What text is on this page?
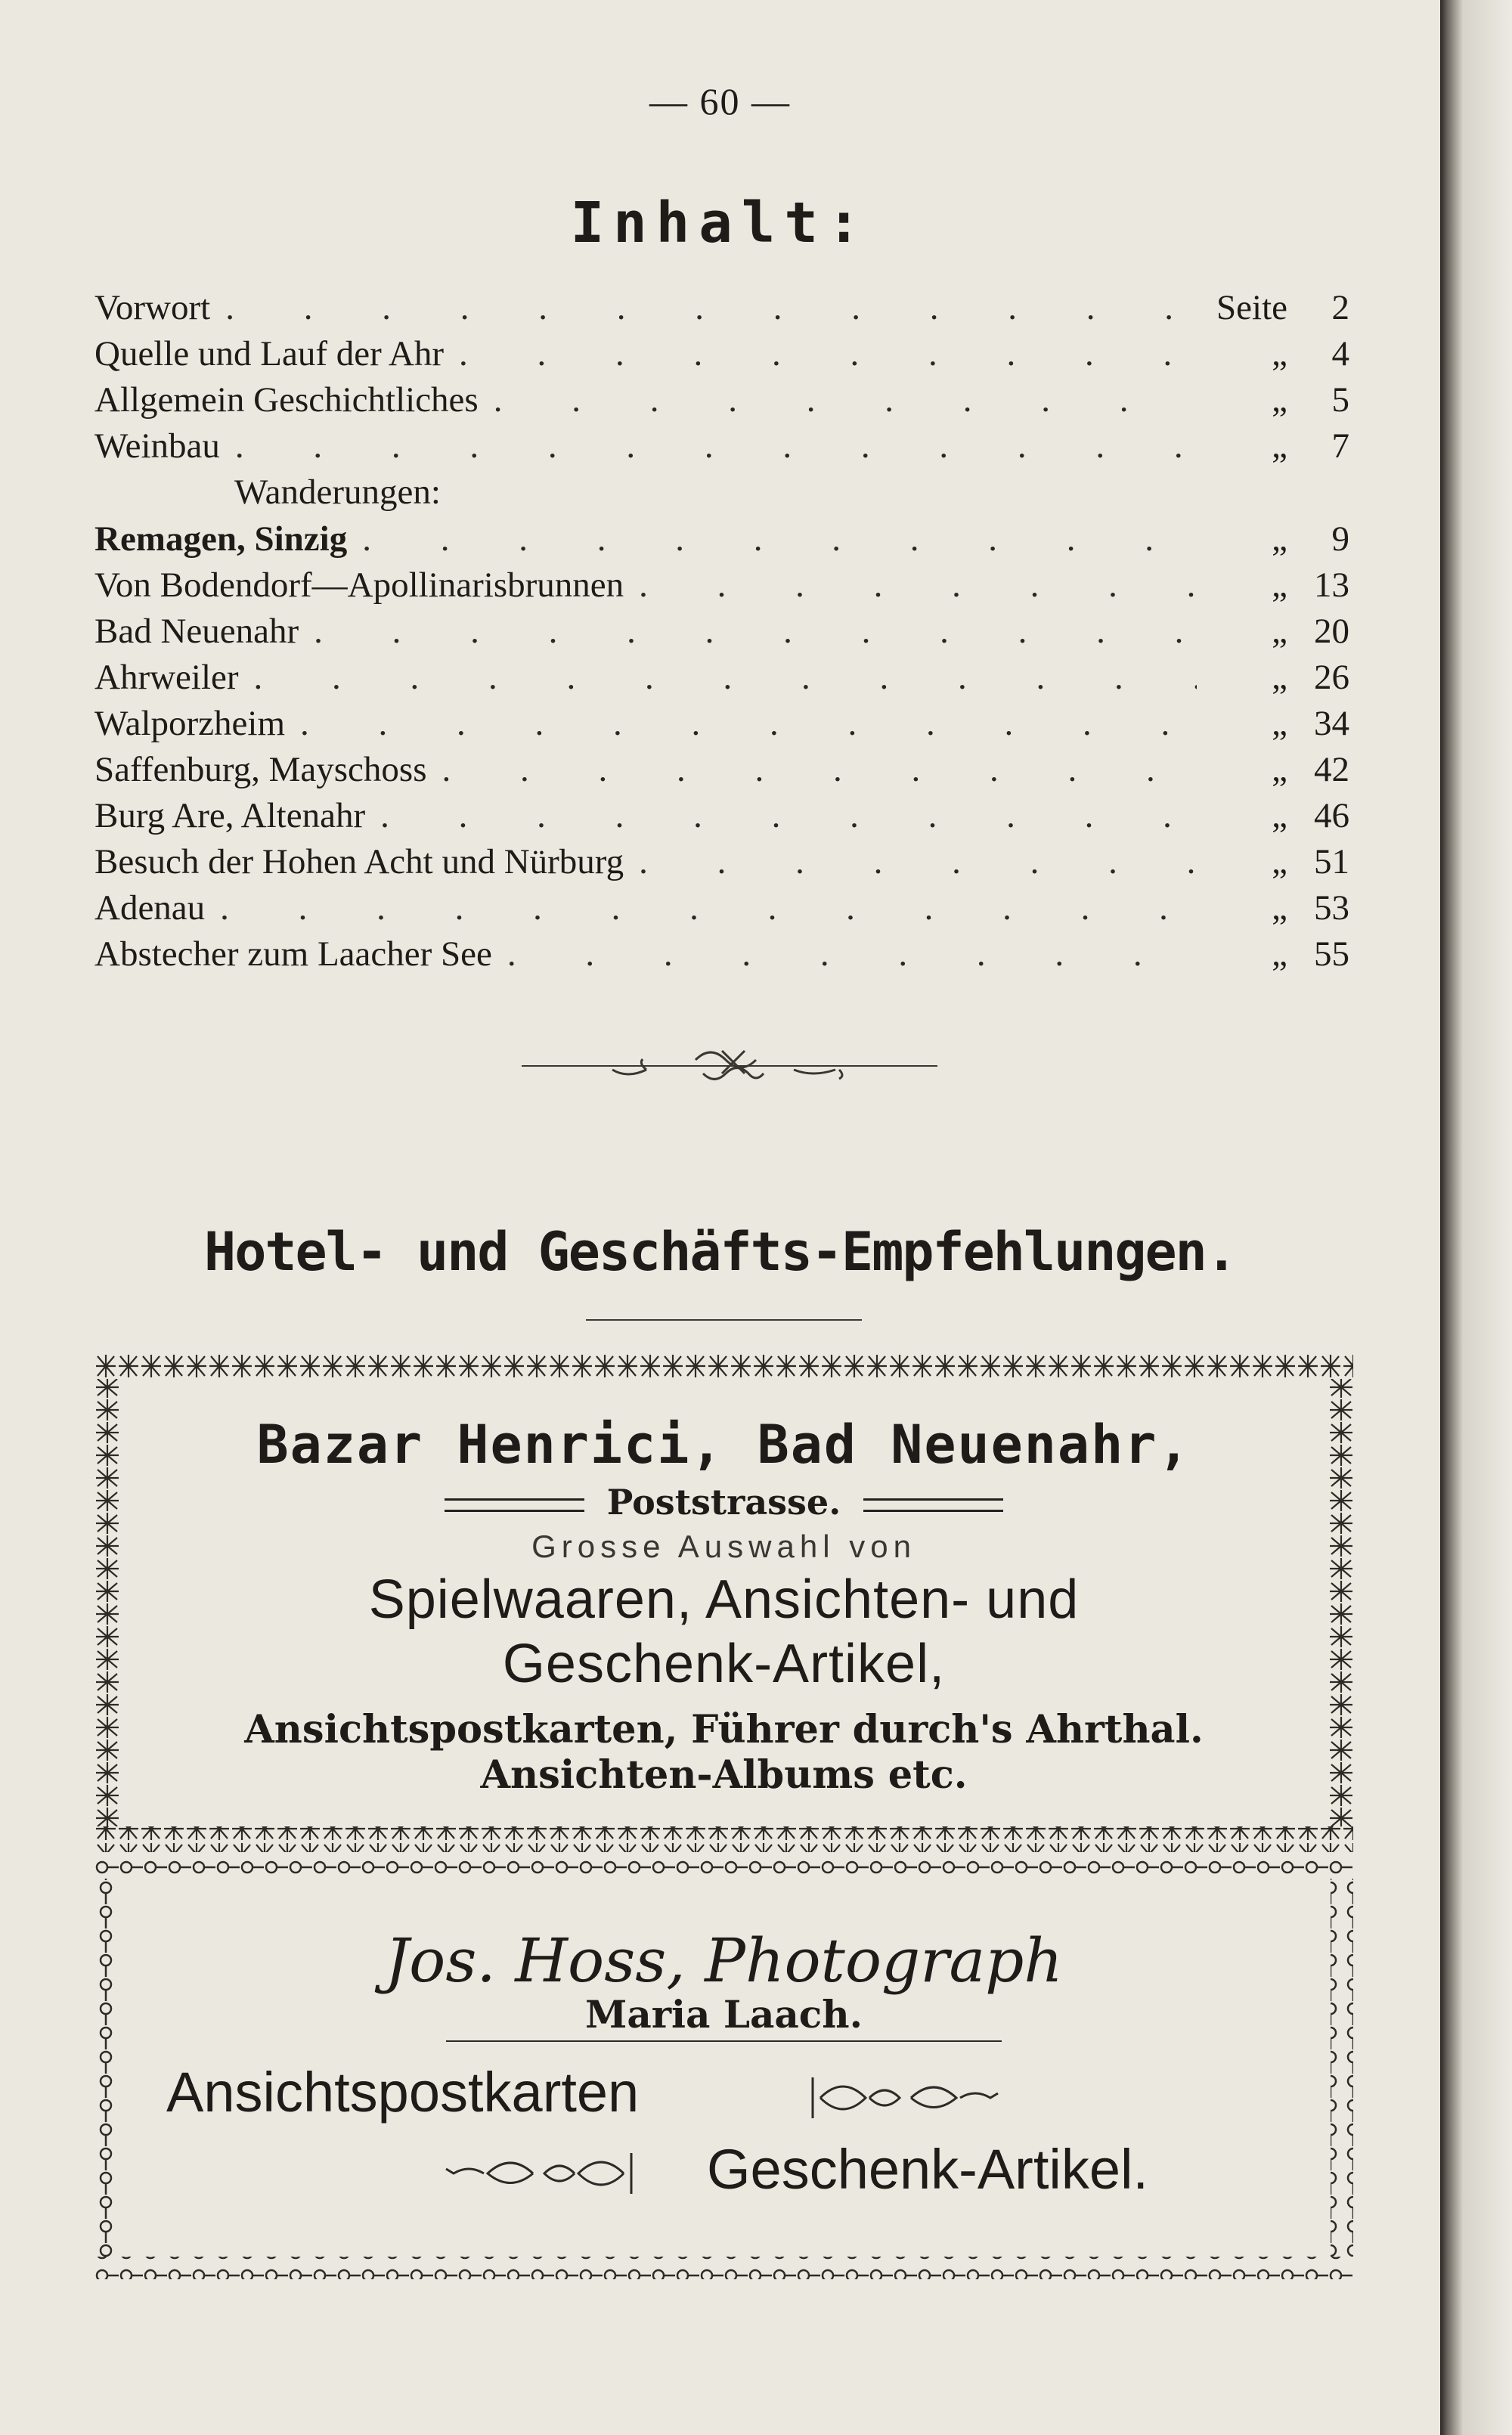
— 60 —
Inhalt:
Vorwort . . .	Seite	2
Quelle und Lauf der Ahr . . .	„	4
Allgemein Geschichtliches . . .	„	5
Weinbau . . .	„	7
Wanderungen:
Remagen, Sinzig . . .	„	9
Von Bodendorf—Apollinarisbrunnen . . .	„ 13
Bad Neuenahr . . .	„ 20
Ahrweiler . . .	„ 26
Walporzheim . . .	„ 34
Saffenburg, Mayschoss . . .	„ 42
Burg Are, Altenahr . . .	„ 46
Besuch der Hohen Acht und Nürburg . . .	„ 51
Adenau . . .	„ 53
Abstecher zum Laacher See . . .	„ 55
Hotel- und Geschäfts-Empfehlungen.
Bazar Henrici, Bad Neuenahr,
Poststrasse.
Grosse Auswahl von
Spielwaaren, Ansichten- und
Geschenk-Artikel,
Ansichtspostkarten, Führer durch's Ahrthal.
Ansichten-Albums etc.
Jos. Hoss, Photograph
Maria Laach.
Ansichtspostkarten
Geschenk-Artikel.
